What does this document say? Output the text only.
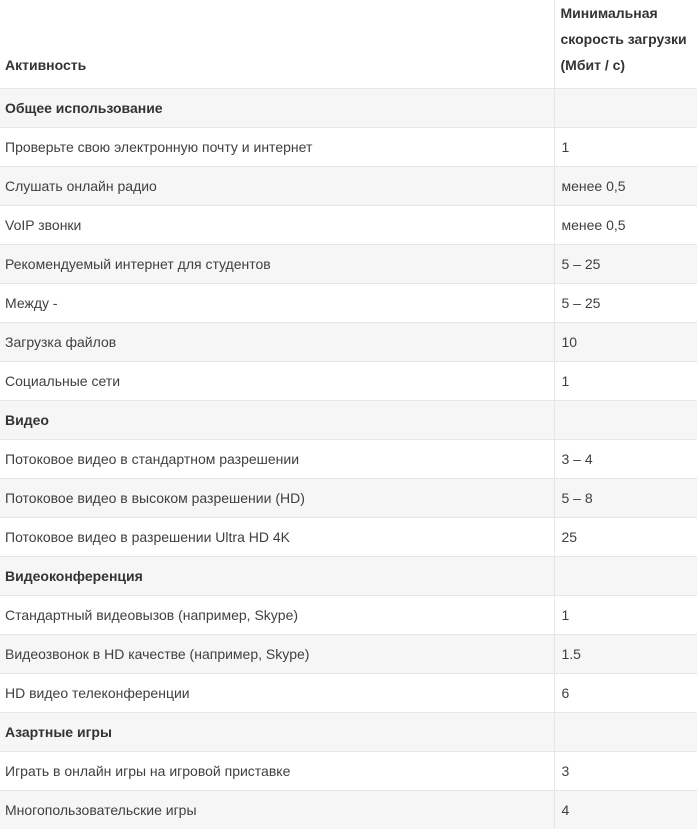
Активность	Минимальная скорость загрузки (Мбит / с)
Общее использование	
Проверьте свою электронную почту и интернет	1
Слушать онлайн радио	менее 0,5
VoIP звонки	менее 0,5
Рекомендуемый интернет для студентов	5 – 25
Между -	5 – 25
Загрузка файлов	10
Социальные сети	1
Видео	
Потоковое видео в стандартном разрешении	3 – 4
Потоковое видео в высоком разрешении (HD)	5 – 8
Потоковое видео в разрешении Ultra HD 4K	25
Видеоконференция	
Стандартный видеовызов (например, Skype)	1
Видеозвонок в HD качестве (например, Skype)	1.5
HD видео телеконференции	6
Азартные игры	
Играть в онлайн игры на игровой приставке	3
Многопользовательские игры	4
